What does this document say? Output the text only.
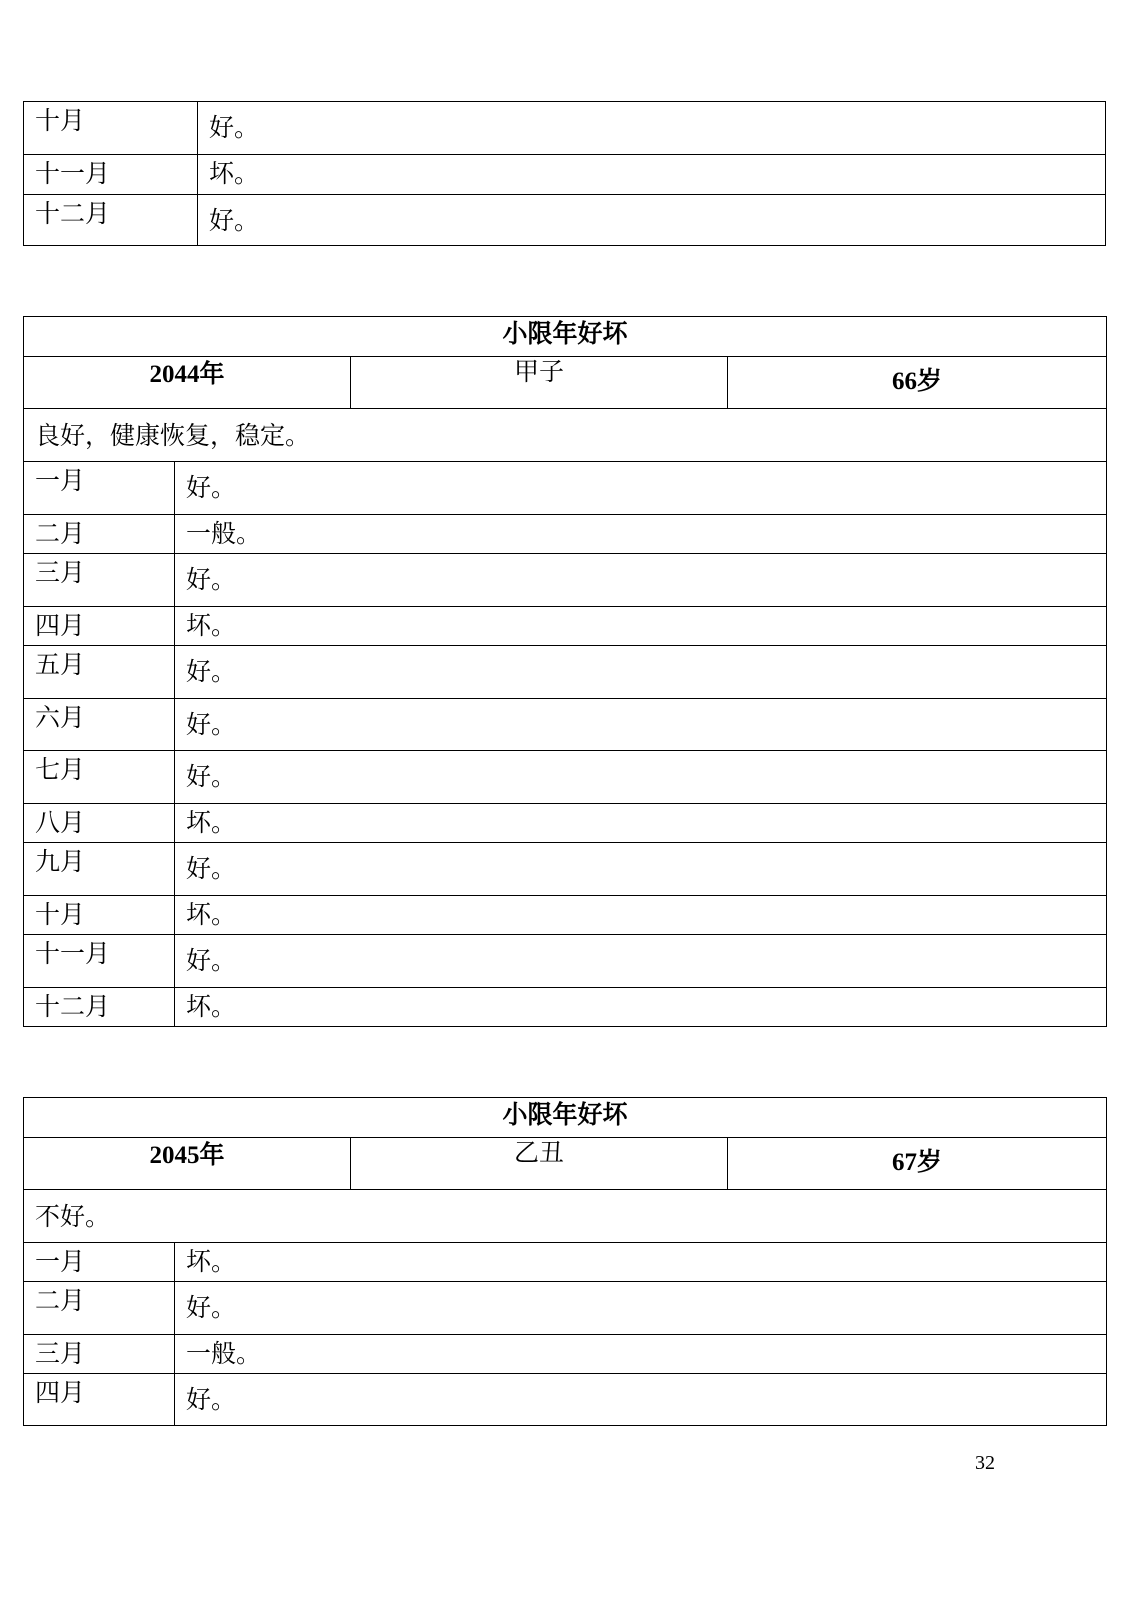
十月	好。
十一月	坏。
十二月	好。
小限年好坏			
2044年		甲子	66岁
良好，健康恢复，稳定。			
一月	好。		
二月	一般。		
三月	好。		
四月	坏。		
五月	好。		
六月	好。		
七月	好。		
八月	坏。		
九月	好。		
十月	坏。		
十一月	好。		
十二月	坏。		
小限年好坏			
2045年		乙丑	67岁
不好。			
一月	坏。		
二月	好。		
三月	一般。		
四月	好。		
32
